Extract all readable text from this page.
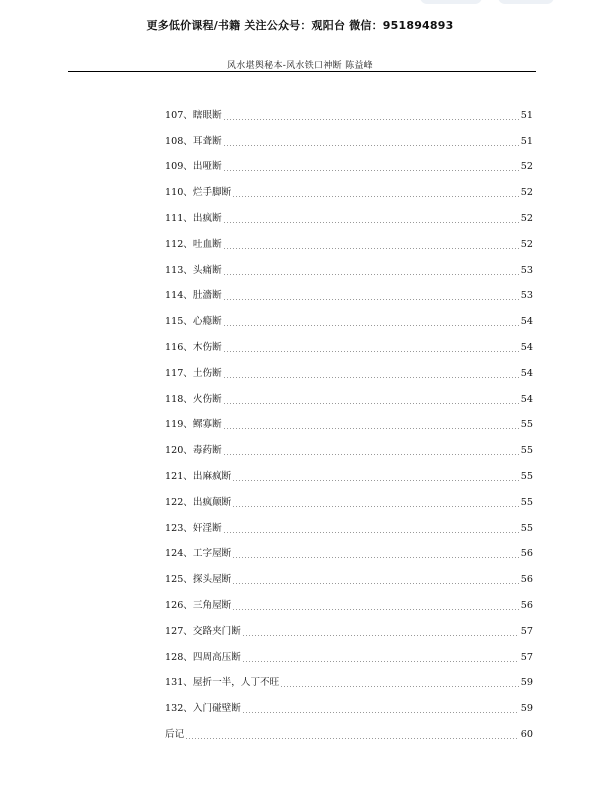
更多低价课程/书籍 关注公众号：观阳台 微信：951894893
风水堪舆秘本-风水铁口神断 陈益峰
107、瞎眼断	51
108、耳聋断	51
109、出哑断	52
110、烂手脚断	52
111、出疯断	52
112、吐血断	52
113、头痛断	53
114、肚濇断	53
115、心瘾断	54
116、木伤断	54
117、土伤断	54
118、火伤断	54
119、鳏寡断	55
120、毒药断	55
121、出麻疯断	55
122、出疯颠断	55
123、奸淫断	55
124、工字屋断	56
125、探头屋断	56
126、三角屋断	56
127、交路夹门断	57
128、四周高压断	57
131、屋折一半，人丁不旺	59
132、入门碰壁断	59
后记	60
